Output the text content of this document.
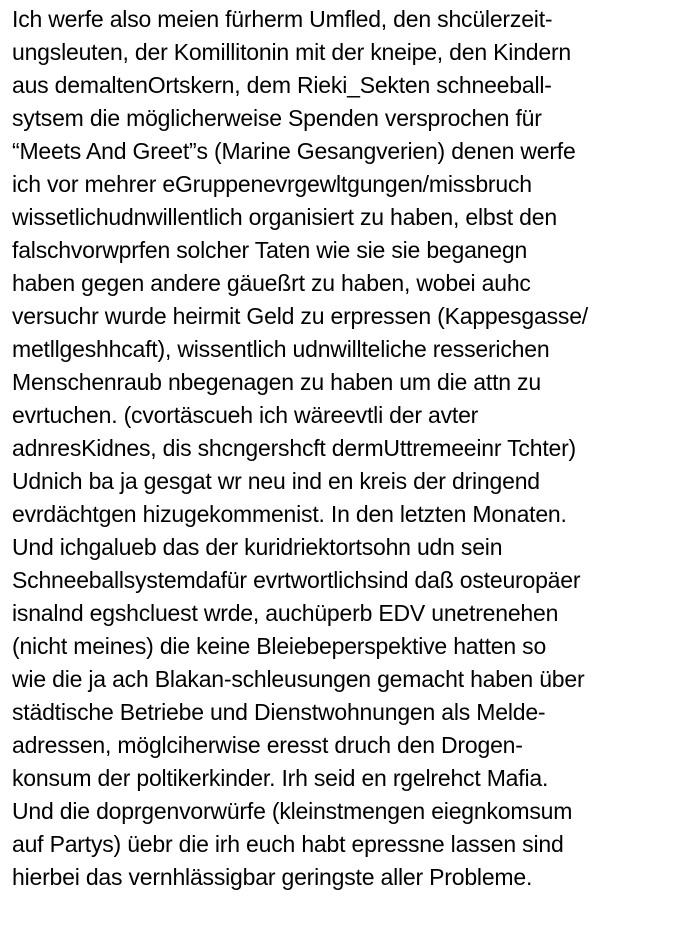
Ich werfe also meien fürherm Umfled, den shcülerzeit-
ungsleuten, der Komillitonin mit der kneipe, den Kindern
aus demaltenOrtskern, dem Rieki_Sekten schneeball-
sytsem die möglicherweise Spenden versprochen für
“Meets And Greet”s (Marine Gesangverien) denen werfe
ich vor mehrer eGruppenevrgewltgungen/missbruch
wissetlichudnwillentlich organisiert zu haben, elbst den
falschvorwprfen solcher Taten wie sie sie beganegn
haben gegen andere gäueßrt zu haben, wobei auhc
versuchr wurde heirmit Geld zu erpressen (Kappesgasse/
metllgeshhcaft), wissentlich udnwillteliche resserichen
Menschenraub nbegenagen zu haben um die attn zu
evrtuchen. (cvortäscueh ich wäreevtli der avter
adnresKidnes, dis shcngershcft dermUttremeeinr Tchter)
Udnich ba ja gesgat wr neu ind en kreis der dringend
evrdächtgen hizugekommenist. In den letzten Monaten.
Und ichgalueb das der kuridriektortsohn udn sein
Schneeballsystemdafür evrtwortlichsind daß osteuropäer
isnalnd egshcluest wrde, auchüperb EDV unetrenehen
(nicht meines) die keine Bleiebeperspektive hatten so
wie die ja ach Blakan-schleusungen gemacht haben über
städtische Betriebe und Dienstwohnungen als Melde-
adressen, möglciherwise eresst druch den Drogen-
konsum der poltikerkinder. Irh seid en rgelrehct Mafia.
Und die doprgenvorwürfe (kleinstmengen eiegnkomsum
auf Partys) üebr die irh euch habt epressne lassen sind
hierbei das vernhlässigbar geringste aller Probleme.
